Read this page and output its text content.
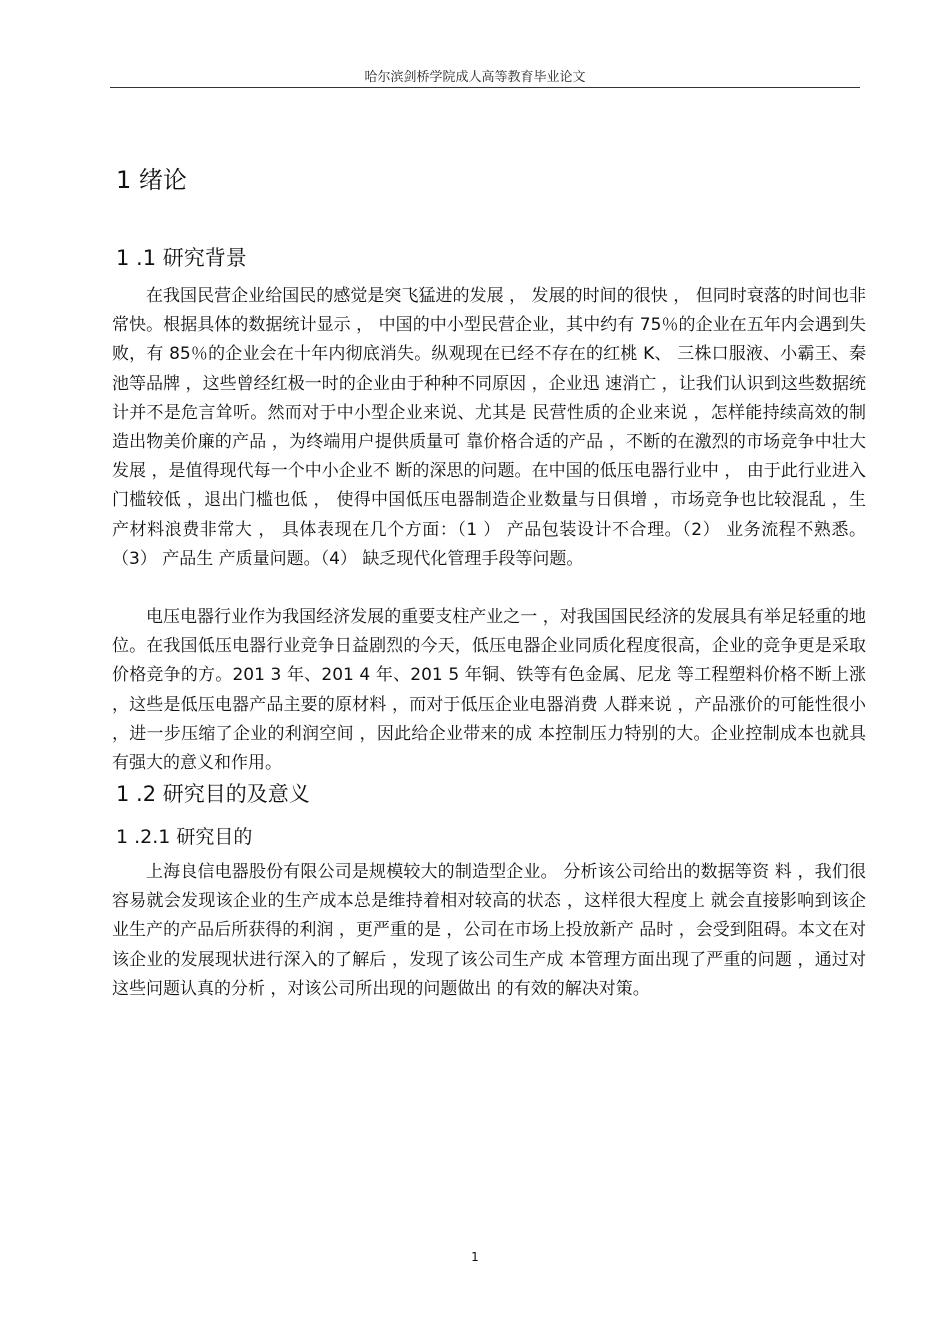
哈尔滨剑桥学院成人高等教育毕业论文
1 绪论
1 .1 研究背景

在我国民营企业给国民的感觉是突飞猛进的发展 ， 发展的时间的很快 ， 但同时衰落的时间也非常快。根据具体的数据统计显示 ， 中国的中小型民营企业，其中约有 75％的企业在五年内会遇到失败，有 85％的企业会在十年内彻底消失。纵观现在已经不存在的红桃 K、 三株口服液、小霸王、秦池等品牌 ，这些曾经红极一时的企业由于种种不同原因 ，企业迅 速消亡 ，让我们认识到这些数据统计并不是危言耸听。然而对于中小型企业来说、尤其是 民营性质的企业来说 ，怎样能持续高效的制造出物美价廉的产品 ，为终端用户提供质量可 靠价格合适的产品 ，不断的在激烈的市场竞争中壮大发展 ，是值得现代每一个中小企业不 断的深思的问题。在中国的低压电器行业中 ， 由于此行业进入门槛较低 ，退出门槛也低 ， 使得中国低压电器制造企业数量与日俱增 ，市场竞争也比较混乱 ，生产材料浪费非常大 ， 具体表现在几个方面：（1 ） 产品包装设计不合理。（2） 业务流程不熟悉。（3） 产品生 产质量问题。（4） 缺乏现代化管理手段等问题。

电压电器行业作为我国经济发展的重要支柱产业之一 ，对我国国民经济的发展具有举足轻重的地位。在我国低压电器行业竞争日益剧烈的今天，低压电器企业同质化程度很高，企业的竞争更是采取价格竞争的方。201 3 年、201 4 年、201 5 年铜、铁等有色金属、尼龙 等工程塑料价格不断上涨 ，这些是低压电器产品主要的原材料 ，而对于低压企业电器消费 人群来说 ，产品涨价的可能性很小 ，进一步压缩了企业的利润空间 ，因此给企业带来的成 本控制压力特别的大。企业控制成本也就具有强大的意义和作用。

1 .2 研究目的及意义
1 .2.1 研究目的

上海良信电器股份有限公司是规模较大的制造型企业。 分析该公司给出的数据等资 料 ，我们很容易就会发现该企业的生产成本总是维持着相对较高的状态 ，这样很大程度上 就会直接影响到该企业生产的产品后所获得的利润 ，更严重的是 ，公司在市场上投放新产 品时 ，会受到阻碍。本文在对该企业的发展现状进行深入的了解后 ，发现了该公司生产成 本管理方面出现了严重的问题 ，通过对这些问题认真的分析 ，对该公司所出现的问题做出 的有效的解决对策。

1
